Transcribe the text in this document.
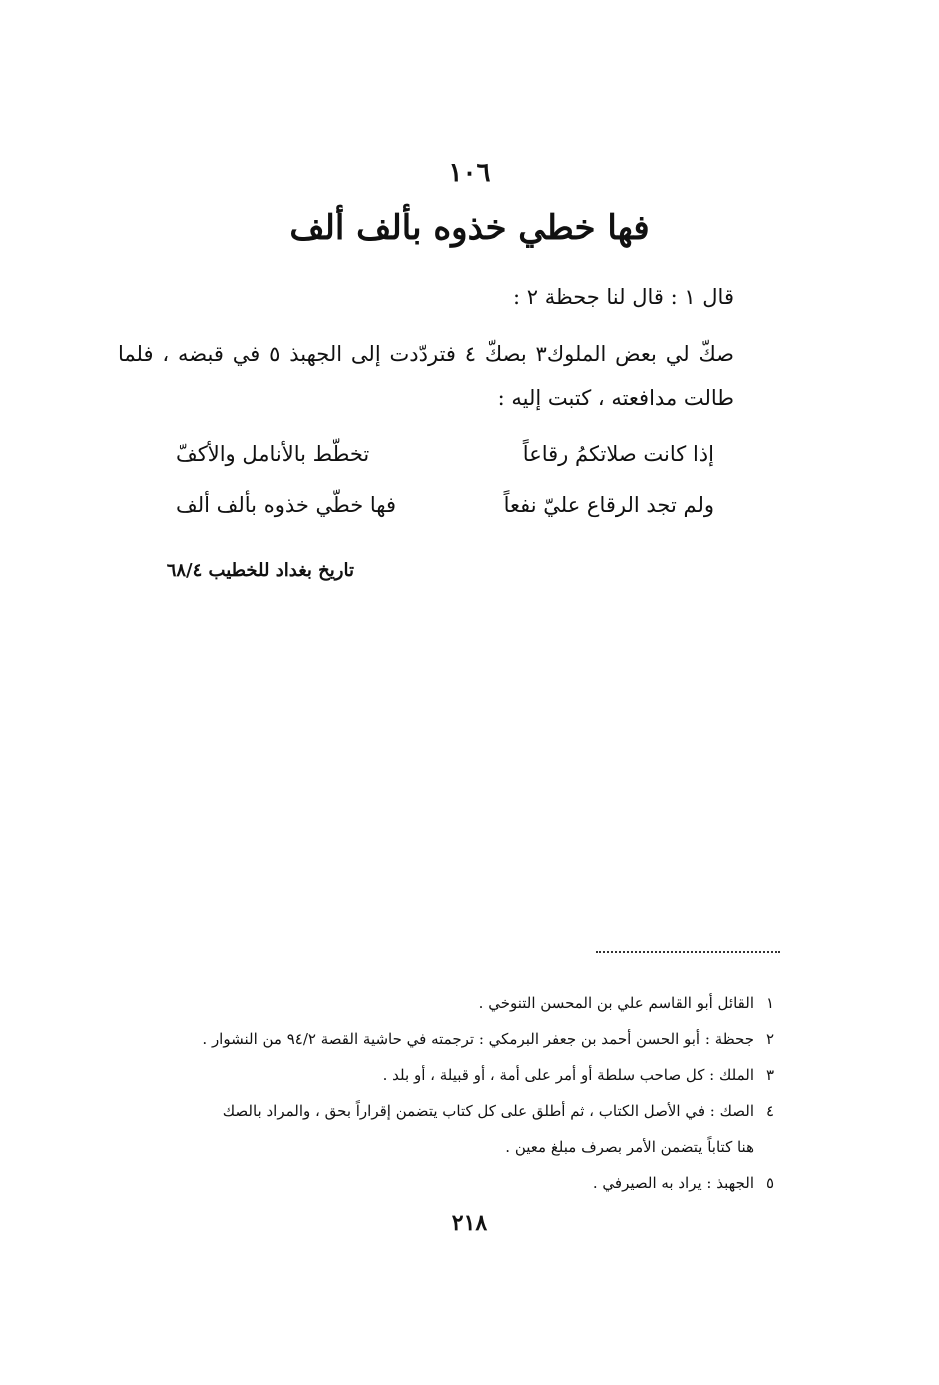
١٠٦
فها خطي خذوه بألف ألف
قال ١ : قال لنا جحظة ٢ :
صكّ لي بعض الملوك٣ بصكّ ٤ فتردّدت إلى الجهبذ ٥ في قبضه ، فلما طالت مدافعته ، كتبت إليه :
إذا كانت صلاتكمُ رقاعاً
تخطّط بالأنامل والأكفّ
ولم تجد الرقاع عليّ نفعاً
فها خطّي خذوه بألف ألف
تاريخ بغداد للخطيب ٦٨/٤
١
القائل أبو القاسم علي بن المحسن التنوخي .
٢
جحظة : أبو الحسن أحمد بن جعفر البرمكي : ترجمته في حاشية القصة ٩٤/٢ من النشوار .
٣
الملك : كل صاحب سلطة أو أمر على أمة ، أو قبيلة ، أو بلد .
٤
الصك : في الأصل الكتاب ، ثم أطلق على كل كتاب يتضمن إقراراً بحق ، والمراد بالصك
هنا كتاباً يتضمن الأمر بصرف مبلغ معين .
٥
الجهبذ : يراد به الصيرفي .
٢١٨
